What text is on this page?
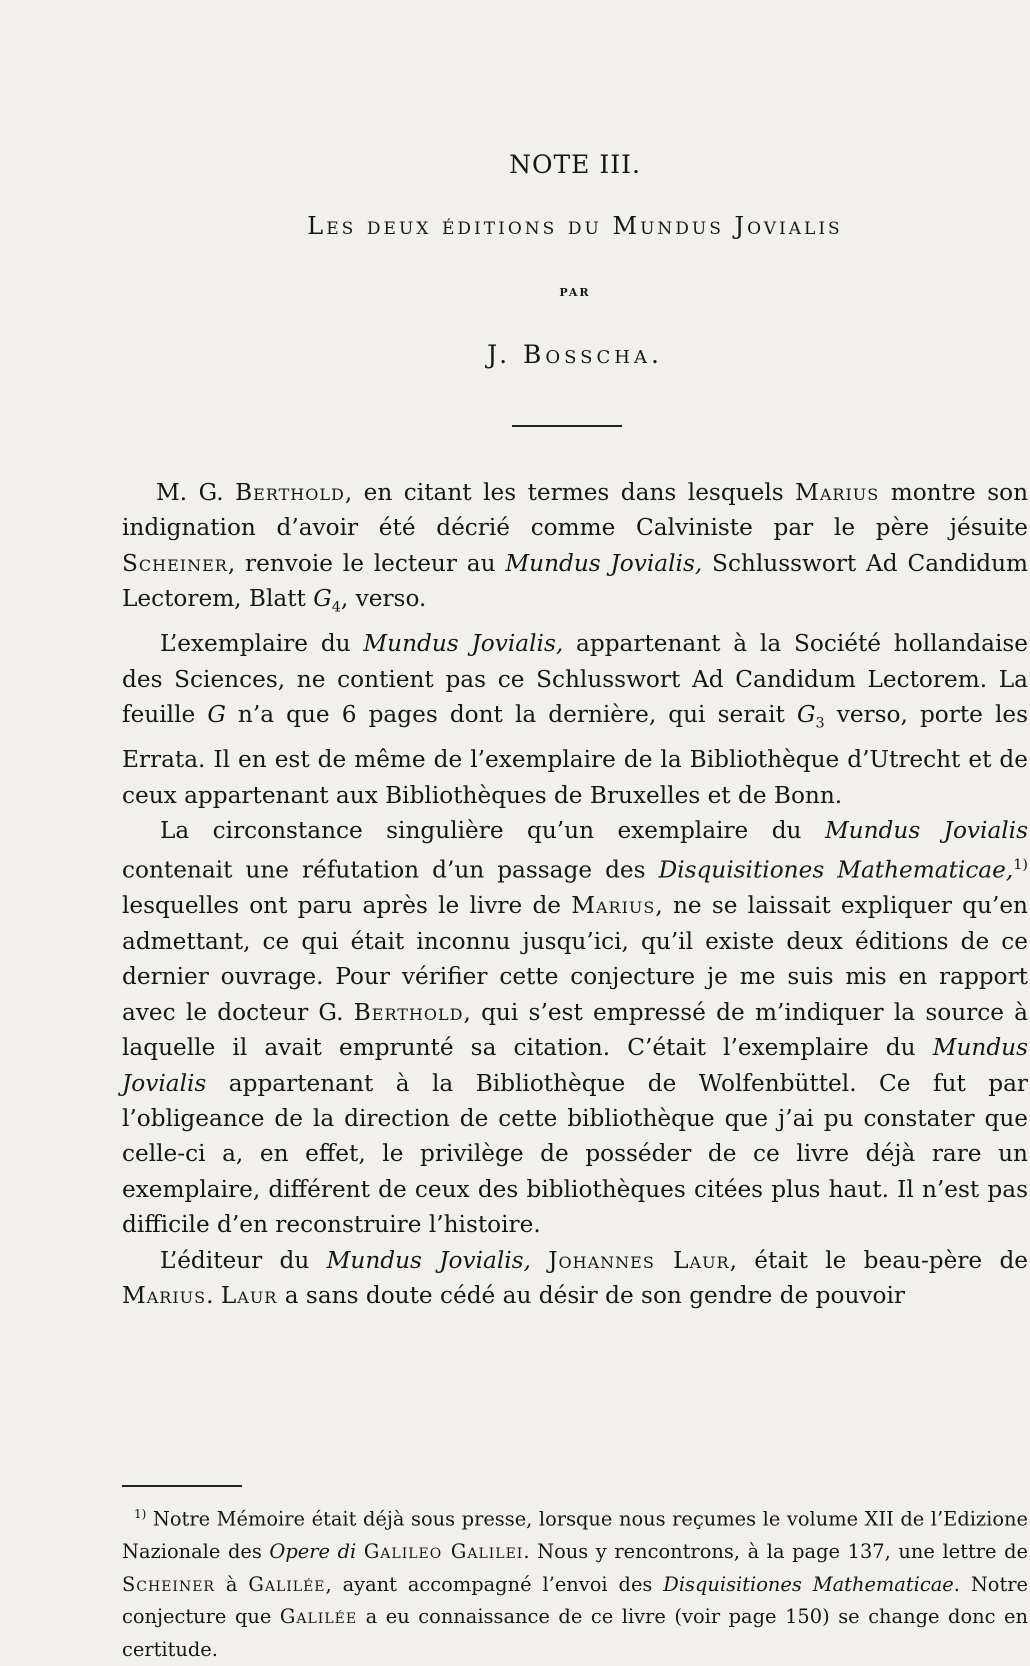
NOTE III.
Les deux éditions du Mundus Jovialis
par
J. Bosscha.

M. G. Berthold, en citant les termes dans lesquels Marius montre son indignation d’avoir été décrié comme Calviniste par le père jésuite Scheiner, renvoie le lecteur au Mundus Jovialis, Schlusswort Ad Candidum Lectorem, Blatt $G_4$, verso.

L’exemplaire du Mundus Jovialis, appartenant à la Société hollandaise des Sciences, ne contient pas ce Schlusswort Ad Candidum Lectorem. La feuille G n’a que 6 pages dont la dernière, qui serait $G_3$ verso, porte les Errata. Il en est de même de l’exemplaire de la Bibliothèque d’Utrecht et de ceux appartenant aux Bibliothèques de Bruxelles et de Bonn.

La circonstance singulière qu’un exemplaire du Mundus Jovialis contenait une réfutation d’un passage des Disquisitiones Mathematicae,$^{1)}$ lesquelles ont paru après le livre de Marius, ne se laissait expliquer qu’en admettant, ce qui était inconnu jusqu’ici, qu’il existe deux éditions de ce dernier ouvrage. Pour vérifier cette conjecture je me suis mis en rapport avec le docteur G. Berthold, qui s’est empressé de m’indiquer la source à laquelle il avait emprunté sa citation. C’était l’exemplaire du Mundus Jovialis appartenant à la Bibliothèque de Wolfenbüttel. Ce fut par l’obligeance de la direction de cette bibliothèque que j’ai pu constater que celle-ci a, en effet, le privilège de posséder de ce livre déjà rare un exemplaire, différent de ceux des bibliothèques citées plus haut. Il n’est pas difficile d’en reconstruire l’histoire.

L’éditeur du Mundus Jovialis, Johannes Laur, était le beau-père de Marius. Laur a sans doute cédé au désir de son gendre de pouvoir

$^{1)}$ Notre Mémoire était déjà sous presse, lorsque nous reçumes le volume XII de l’Edizione Nazionale des Opere di Galileo Galilei. Nous y rencontrons, à la page 137, une lettre de Scheiner à Galilée, ayant accompagné l’envoi des Disquisitiones Mathematicae. Notre conjecture que Galilée a eu connaissance de ce livre (voir page 150) se change donc en certitude.
